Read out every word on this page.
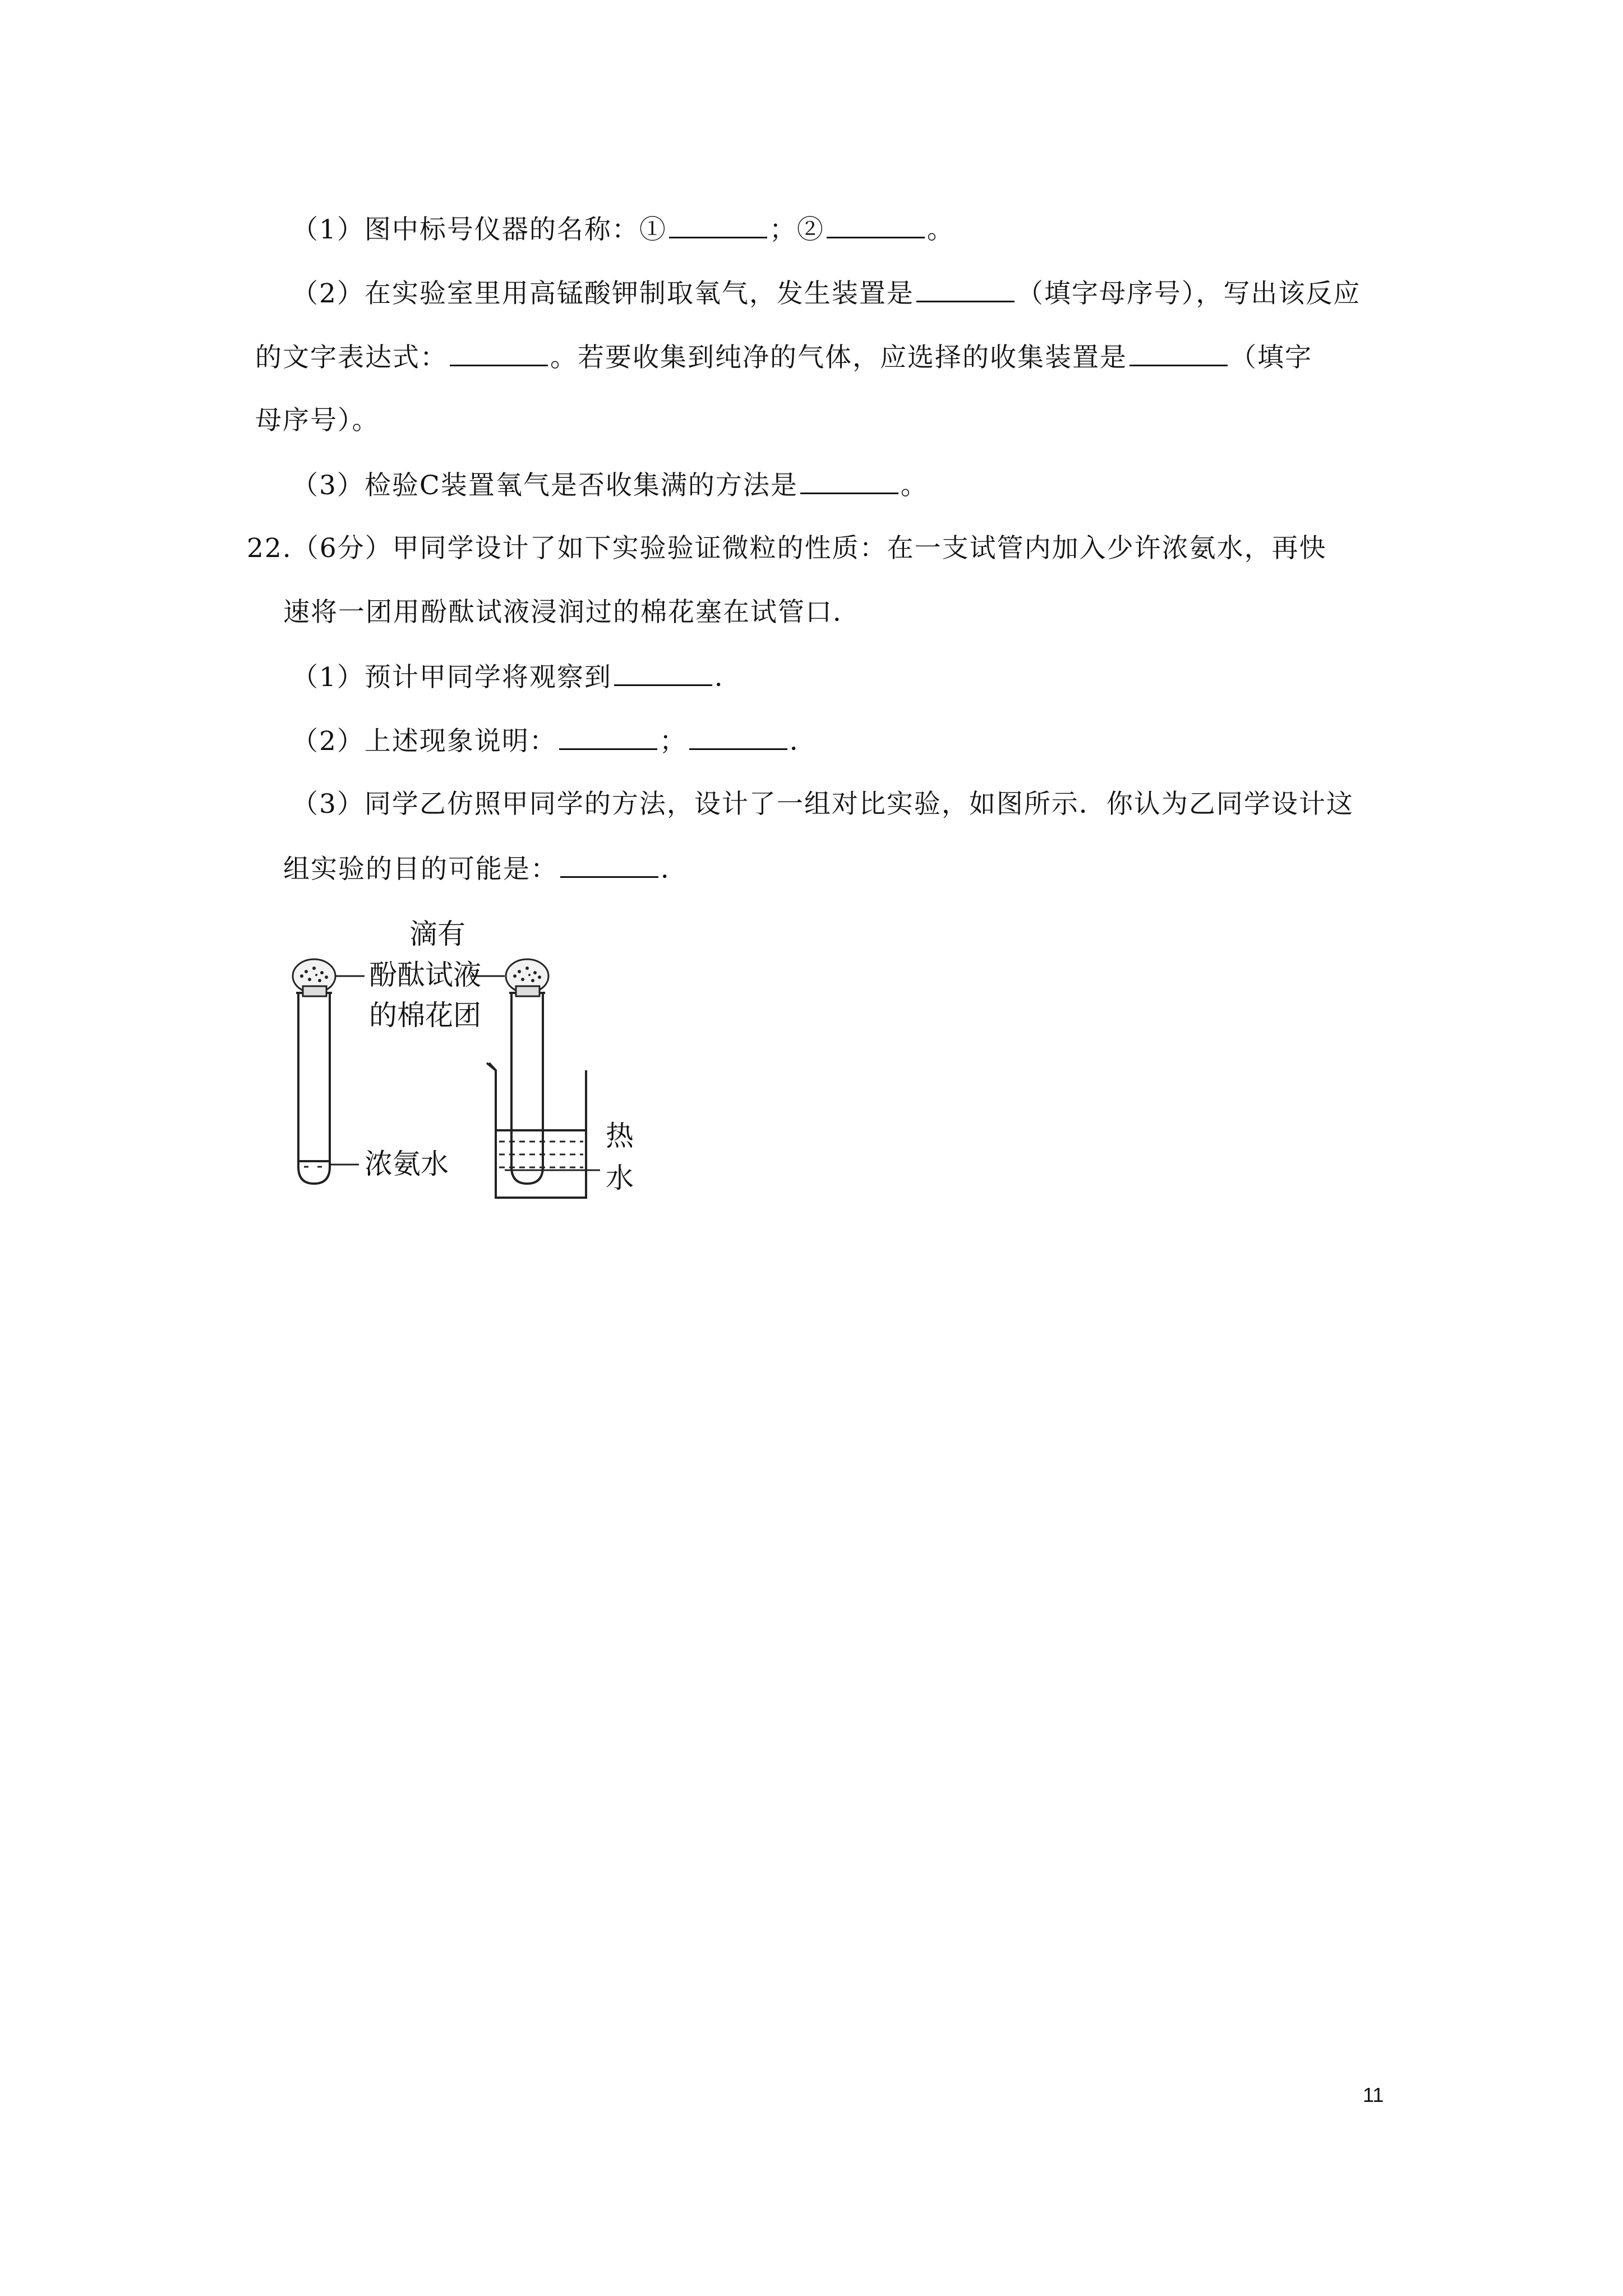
（1）图中标号仪器的名称：①	；②	。
（2）在实验室里用高锰酸钾制取氧气，发生装置是	（填字母序号），写出该反应
的文字表达式：	。若要收集到纯净的气体，应选择的收集装置是	（填字
母序号）。
（3）检验C装置氧气是否收集满的方法是	。
22.（6分）甲同学设计了如下实验验证微粒的性质：在一支试管内加入少许浓氨水，再快
速将一团用酚酞试液浸润过的棉花塞在试管口．
（1）预计甲同学将观察到	．
（2）上述现象说明：	；	．
（3）同学乙仿照甲同学的方法，设计了一组对比实验，如图所示．你认为乙同学设计这
组实验的目的可能是：	．
滴有
酚酞试液
的棉花团
浓氨水
热
水
11
